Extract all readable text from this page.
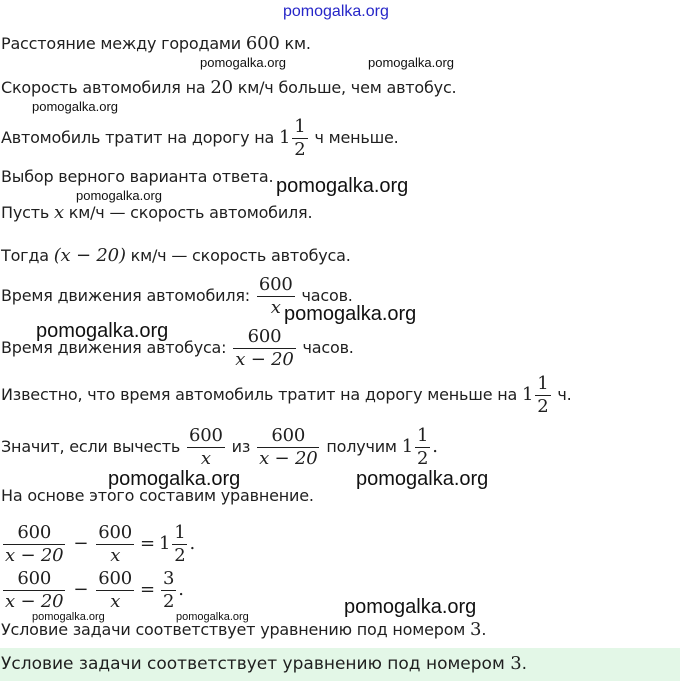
pomogalka.org
pomogalka.org	pomogalka.org
pomogalka.org
pomogalka.org	pomogalka.org
pomogalka.org
pomogalka.org
pomogalka.org	pomogalka.org
pomogalka.org
pomogalka.org	pomogalka.org
Расстояние между городами 600 км.
Скорость автомобиля на 20 км/ч больше, чем автобус.
Автомобиль тратит на дорогу на $1 \frac{1}{2}$ ч меньше.
Выбор верного варианта ответа.
Пусть x км/ч — скорость автомобиля.
Тогда (x − 20) км/ч — скорость автобуса.
Время движения автомобиля: $\frac{600}{x}$ часов.
Время движения автобуса: $\frac{600}{x - 20}$ часов.
Известно, что время автомобиль тратит на дорогу меньше на $1 \frac{1}{2} ч$.
Значит, если вычесть $\frac{600}{x}$ из $\frac{600}{x - 20}$ получим $1 \frac{1}{2}$ .
На основе этого составим уравнение.
$\frac{600}{x - 20} - \frac{600}{x} = 1 \frac{1}{2}$ .
$\frac{600}{x - 20} - \frac{600}{x} = \frac{3}{2}$ .
Условие задачи соответствует уравнению под номером 3.
Условие задачи соответствует уравнению под номером 3.
